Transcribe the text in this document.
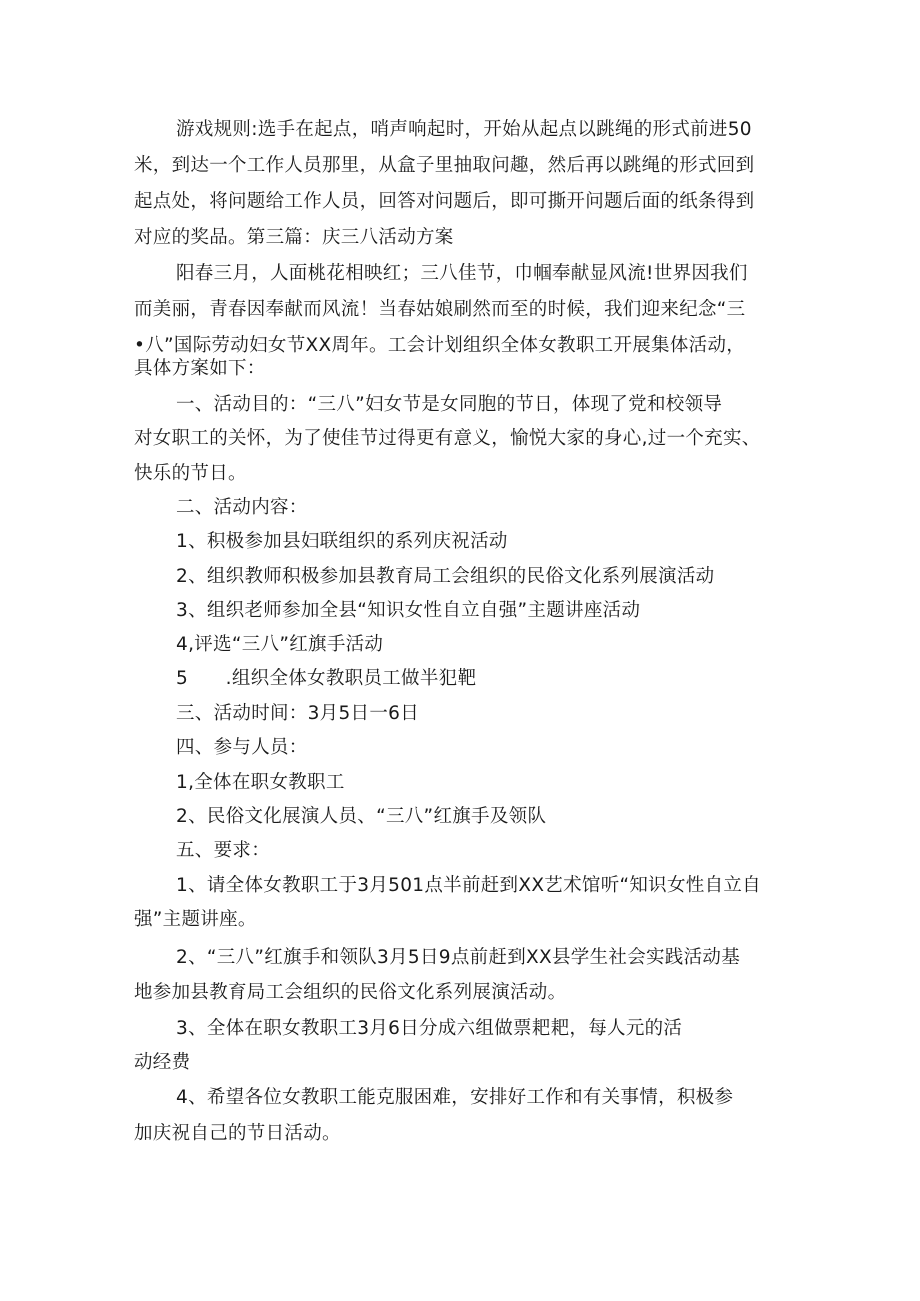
游戏规则:选手在起点，哨声响起时，开始从起点以跳绳的形式前进50

米，到达一个工作人员那里，从盒子里抽取问趣，然后再以跳绳的形式回到

起点处，将问题给工作人员，回答对问题后，即可撕开问题后面的纸条得到

对应的奖品。第三篇：庆三八活动方案

阳春三月，人面桃花相映红；三八佳节，巾帼奉献显风流!世界因我们

而美丽，青春因奉献而风流！当春姑娘刷然而至的时候，我们迎来纪念“三

•八”国际劳动妇女节XX周年。工会计划组织全体女教职工开展集体活动，

具体方案如下：

一、活动目的：“三八”妇女节是女同胞的节日，体现了党和校领导

对女职工的关怀，为了使佳节过得更有意义，愉悦大家的身心,过一个充实、

快乐的节日。

二、活动内容：

1、积极参加县妇联组织的系列庆祝活动

2、组织教师积极参加县教育局工会组织的民俗文化系列展演活动

3、组织老师参加全县“知识女性自立自强”主题讲座活动

4,评选“三八”红旗手活动

5　　.组织全体女教职员工做半犯靶

三、活动时间：3月5日一6日

四、参与人员：

1,全体在职女教职工

2、民俗文化展演人员、“三八”红旗手及领队

五、要求：

1、请全体女教职工于3月501点半前赶到XX艺术馆听“知识女性自立自

强”主题讲座。

2、“三八”红旗手和领队3月5日9点前赶到XX县学生社会实践活动基

地参加县教育局工会组织的民俗文化系列展演活动。

3、全体在职女教职工3月6日分成六组做票耙耙，每人元的活

动经费

4、希望各位女教职工能克服困难，安排好工作和有关事情，积极参

加庆祝自己的节日活动。
